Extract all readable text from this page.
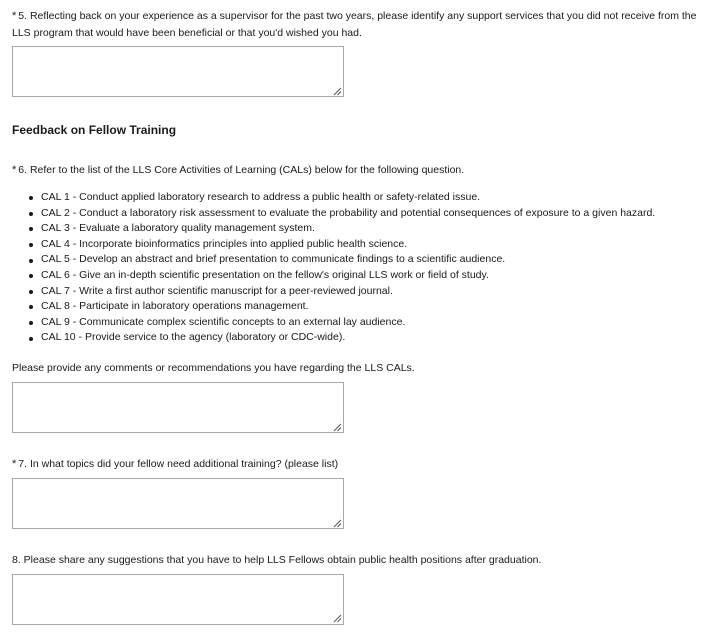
* 5. Reflecting back on your experience as a supervisor for the past two years, please identify any support services that you did not receive from the LLS program that would have been beneficial or that you'd wished you had.
Feedback on Fellow Training
* 6. Refer to the list of the LLS Core Activities of Learning (CALs) below for the following question.
CAL 1 - Conduct applied laboratory research to address a public health or safety-related issue.
CAL 2 - Conduct a laboratory risk assessment to evaluate the probability and potential consequences of exposure to a given hazard.
CAL 3 - Evaluate a laboratory quality management system.
CAL 4 - Incorporate bioinformatics principles into applied public health science.
CAL 5 - Develop an abstract and brief presentation to communicate findings to a scientific audience.
CAL 6 - Give an in-depth scientific presentation on the fellow's original LLS work or field of study.
CAL 7 - Write a first author scientific manuscript for a peer-reviewed journal.
CAL 8 - Participate in laboratory operations management.
CAL 9 - Communicate complex scientific concepts to an external lay audience.
CAL 10 - Provide service to the agency (laboratory or CDC-wide).
Please provide any comments or recommendations you have regarding the LLS CALs.
* 7. In what topics did your fellow need additional training? (please list)
8. Please share any suggestions that you have to help LLS Fellows obtain public health positions after graduation.
